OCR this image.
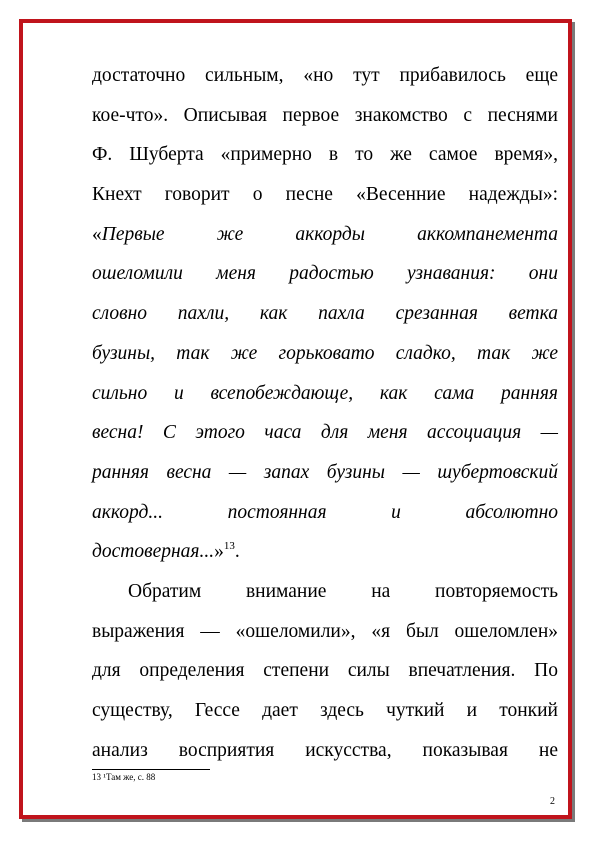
достаточно сильным, «но тут прибавилось еще
кое-что». Описывая первое знакомство с песнями
Ф. Шуберта «примерно в то же самое время»,
Кнехт говорит о песне «Весенние надежды»:
«Первые же аккорды аккомпанемента
ошеломили меня радостью узнавания: они
словно пахли, как пахла срезанная ветка
бузины, так же горьковато сладко, так же
сильно и всепобеждающе, как сама ранняя
весна! С этого часа для меня ассоциация —
ранняя весна — запах бузины — шубертовский
аккорд... постоянная и абсолютно
достоверная...»$^{13}$.
Обратим внимание на повторяемость
выражения — «ошеломили», «я был ошеломлен»
для определения степени силы впечатления. По
существу, Гессе дает здесь чуткий и тонкий
анализ восприятия искусства, показывая не
13 ¹Там же, с. 88
2
